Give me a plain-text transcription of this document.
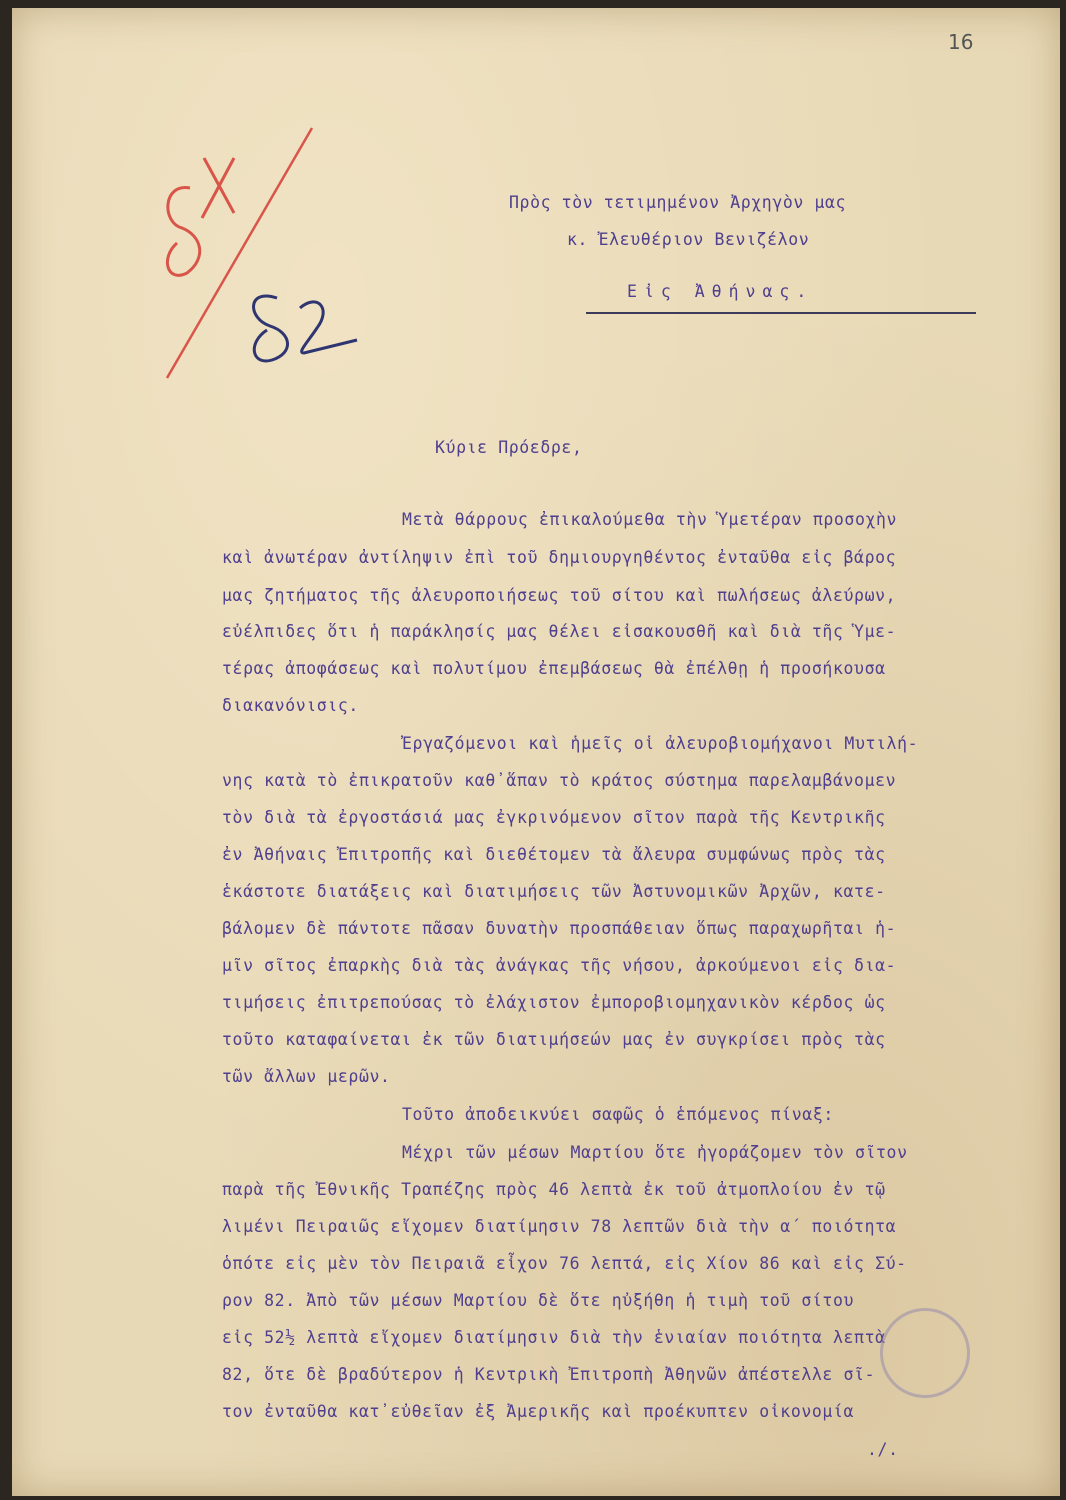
16
Πρὸς τὸν τετιμημένον Ἀρχηγὸν μας
κ. Ἐλευθέριον Βενιζέλον
Εἰς Ἀθήνας.
Κύριε Πρόεδρε,
Μετὰ θάρρους ἐπικαλούμεθα τὴν Ὑμετέραν προσοχὴν
καὶ ἀνωτέραν ἀντίληψιν ἐπὶ τοῦ δημιουργηθέντος ἐνταῦθα εἰς βάρος
μας ζητήματος τῆς ἀλευροποιήσεως τοῦ σίτου καὶ πωλήσεως ἀλεύρων,
εὐέλπιδες ὅτι ἡ παράκλησίς μας θέλει εἰσακουσθῆ καὶ διὰ τῆς Ὑμε-
τέρας ἀποφάσεως καὶ πολυτίμου ἐπεμβάσεως θὰ ἐπέλθῃ ἡ προσήκουσα
διακανόνισις.
Ἐργαζόμενοι καὶ ἡμεῖς οἱ ἀλευροβιομήχανοι Μυτιλή-
νης κατὰ τὸ ἐπικρατοῦν καθ᾿ἅπαν τὸ κράτος σύστημα παρελαμβάνομεν
τὸν διὰ τὰ ἐργοστάσιά μας ἐγκρινόμενον σῖτον παρὰ τῆς Κεντρικῆς
ἐν Ἀθήναις Ἐπιτροπῆς καὶ διεθέτομεν τὰ ἄλευρα συμφώνως πρὸς τὰς
ἑκάστοτε διατάξεις καὶ διατιμήσεις τῶν Ἀστυνομικῶν Ἀρχῶν, κατε-
βάλομεν δὲ πάντοτε πᾶσαν δυνατὴν προσπάθειαν ὅπως παραχωρῆται ἡ-
μῖν σῖτος ἐπαρκὴς διὰ τὰς ἀνάγκας τῆς νήσου, ἀρκούμενοι εἰς δια-
τιμήσεις ἐπιτρεπούσας τὸ ἐλάχιστον ἐμποροβιομηχανικὸν κέρδος ὡς
τοῦτο καταφαίνεται ἐκ τῶν διατιμήσεών μας ἐν συγκρίσει πρὸς τὰς
τῶν ἄλλων μερῶν.
Τοῦτο ἀποδεικνύει σαφῶς ὁ ἑπόμενος πίναξ:
Μέχρι τῶν μέσων Μαρτίου ὅτε ἠγοράζομεν τὸν σῖτον
παρὰ τῆς Ἐθνικῆς Τραπέζης πρὸς 46 λεπτὰ ἐκ τοῦ ἀτμοπλοίου ἐν τῷ
λιμένι Πειραιῶς εἴχομεν διατίμησιν 78 λεπτῶν διὰ τὴν α΄ ποιότητα
ὁπότε εἰς μὲν τὸν Πειραιᾶ εἶχον 76 λεπτά, εἰς Χίον 86 καὶ εἰς Σύ-
ρον 82. Ἀπὸ τῶν μέσων Μαρτίου δὲ ὅτε ηὐξήθη ἡ τιμὴ τοῦ σίτου
εἰς 52½ λεπτὰ εἴχομεν διατίμησιν διὰ τὴν ἑνιαίαν ποιότητα λεπτὰ
82, ὅτε δὲ βραδύτερον ἡ Κεντρικὴ Ἐπιτροπὴ Ἀθηνῶν ἀπέστελλε σῖ-
τον ἐνταῦθα κατ᾿εὐθεῖαν ἐξ Ἀμερικῆς καὶ προέκυπτεν οἰκονομία
./.
